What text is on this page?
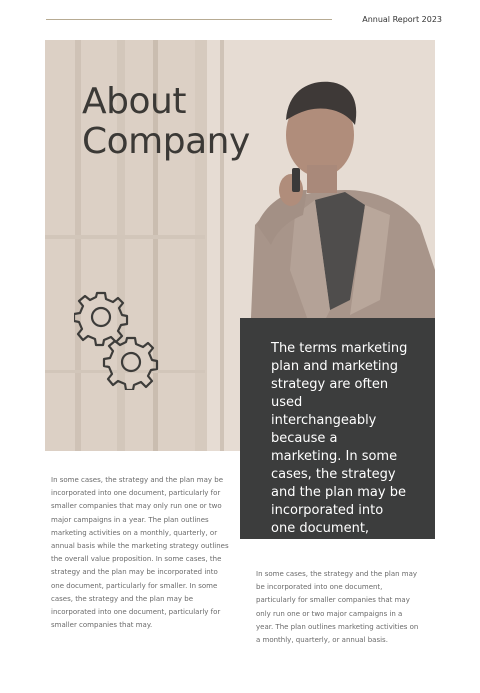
Annual Report 2023
About
Company

The terms marketing plan and marketing strategy are often used interchangeably because a marketing. In some cases, the strategy and the plan may be incorporated into one document, particularly for smaller.

In some cases, the strategy and the plan may be incorporated into one document, particularly for smaller companies that may only run one or two major campaigns in a year. The plan outlines marketing activities on a monthly, quarterly, or annual basis while the marketing strategy outlines the overall value proposition. In some cases, the strategy and the plan may be incorporated into one document, particularly for smaller. In some cases, the strategy and the plan may be incorporated into one document, particularly for smaller companies that may.

In some cases, the strategy and the plan may be incorporated into one document, particularly for smaller companies that may only run one or two major campaigns in a year. The plan outlines marketing activities on a monthly, quarterly, or annual basis.
